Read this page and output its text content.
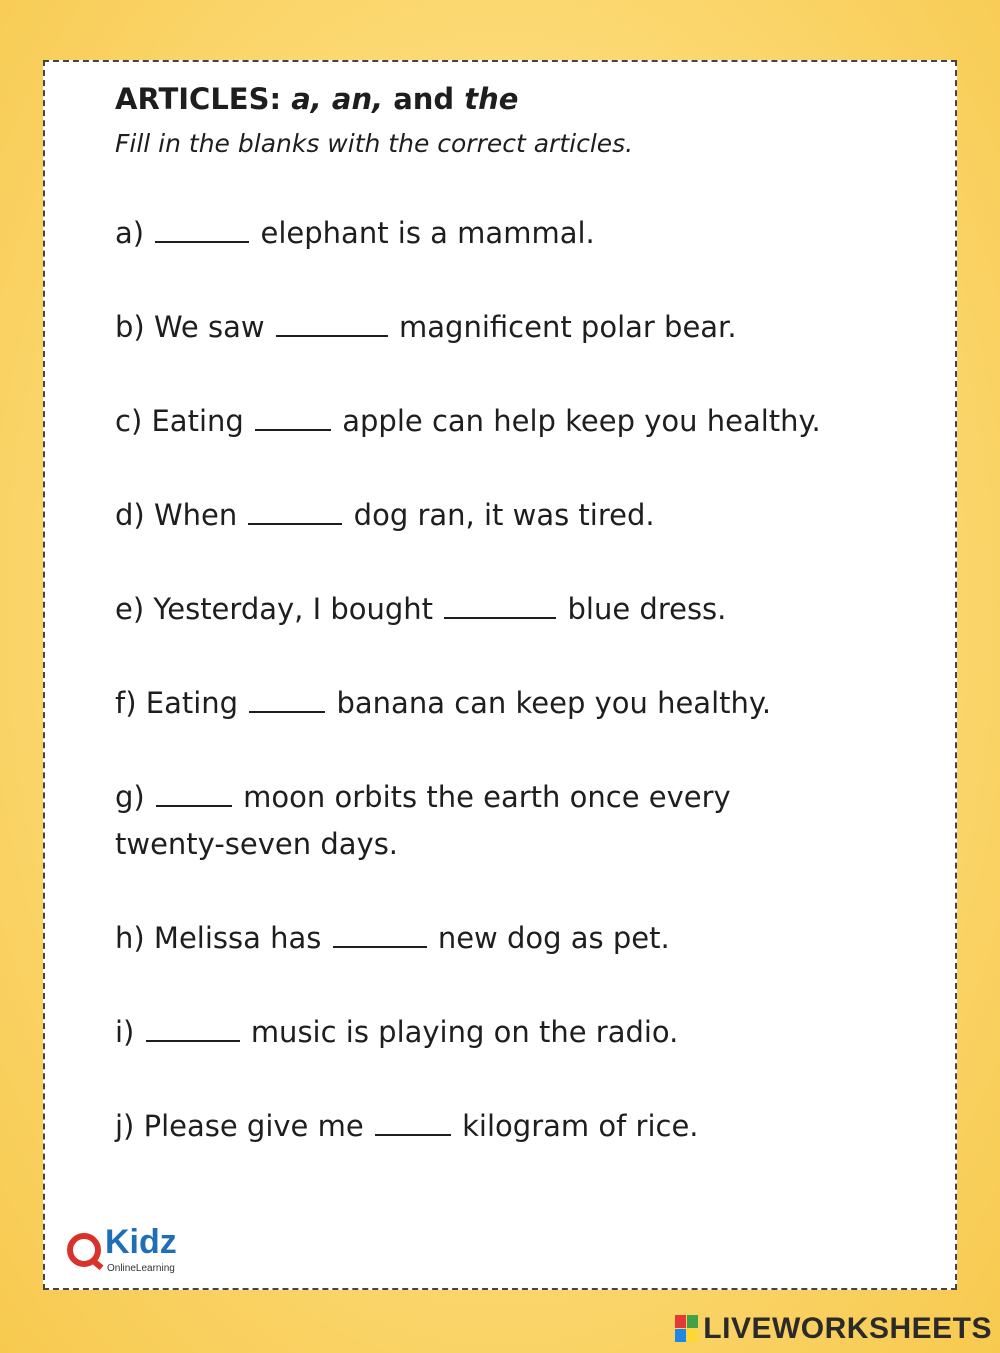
ARTICLES: a, an, and the
Fill in the blanks with the correct articles.
a)	elephant is a mammal.
b) We saw	magnificent polar bear.
c) Eating	apple can help keep you healthy.
d) When	dog ran, it was tired.
e) Yesterday, I bought	blue dress.
f) Eating	banana can keep you healthy.
g)	moon orbits the earth once every
twenty-seven days.
h) Melissa has	new dog as pet.
i)	music is playing on the radio.
j) Please give me	kilogram of rice.
Kidz
OnlineLearning
LIVEWORKSHEETS
